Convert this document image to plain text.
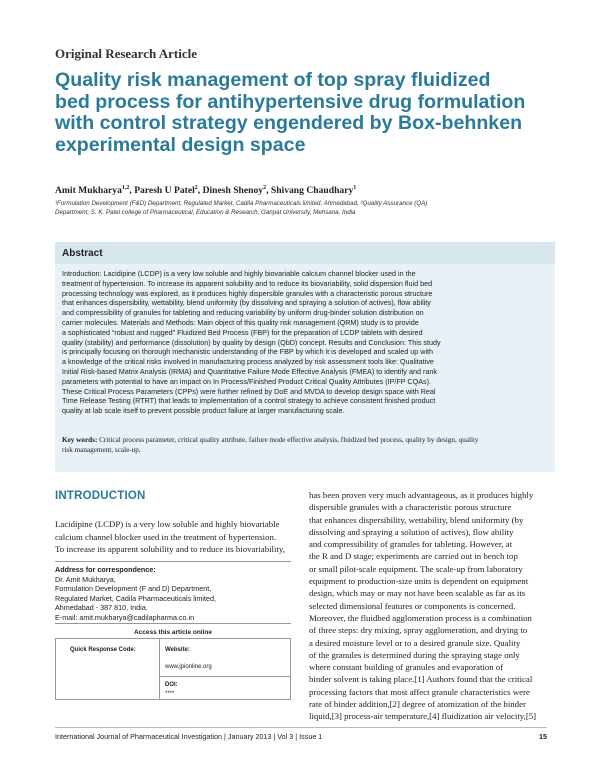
Original Research Article
Quality risk management of top spray fluidized
bed process for antihypertensive drug formulation
with control strategy engendered by Box-behnken
experimental design space
Amit Mukharya$^{1,2}$, Paresh U Patel$^2$, Dinesh Shenoy$^2$, Shivang Chaudhary$^1$
¹Formulation Development (F&D) Department, Regulated Market, Cadila Pharmaceuticals limited, Ahmedabad, ²Quality Assurance (QA)
Department, S. K. Patel college of Pharmaceutical, Education & Research, Ganpat University, Mehsana, India
Abstract
Introduction: Lacidipine (LCDP) is a very low soluble and highly biovariable calcium channel blocker used in the
treatment of hypertension. To increase its apparent solubility and to reduce its biovariability, solid dispersion fluid bed
processing technology was explored, as it produces highly dispersible granules with a characteristic porous structure
that enhances dispersibility, wettability, blend uniformity (by dissolving and spraying a solution of actives), flow ability
and compressibility of granules for tableting and reducing variability by uniform drug-binder solution distribution on
carrier molecules. Materials and Methods: Main object of this quality risk management (QRM) study is to provide
a sophisticated “robust and rugged” Fluidized Bed Process (FBP) for the preparation of LCDP tablets with desired
quality (stability) and performance (dissolution) by quality by design (QbD) concept. Results and Conclusion: This study
is principally focusing on thorough mechanistic understanding of the FBP by which it is developed and scaled up with
a knowledge of the critical risks involved in manufacturing process analyzed by risk assessment tools like: Qualitative
Initial Risk-based Matrix Analysis (IRMA) and Quantitative Failure Mode Effective Analysis (FMEA) to identify and rank
parameters with potential to have an impact on In Process/Finished Product Critical Quality Attributes (IP/FP CQAs).
These Critical Process Parameters (CPPs) were further refined by DoE and MVDA to develop design space with Real
Time Release Testing (RTRT) that leads to implementation of a control strategy to achieve consistent finished product
quality at lab scale itself to prevent possible product failure at larger manufacturing scale.
Key words: Critical process parameter, critical quality attribute, failure mode effective analysis, fluidized bed process, quality by design, quality
risk management, scale-up.
INTRODUCTION
Lacidipine (LCDP) is a very low soluble and highly biovariable
calcium channel blocker used in the treatment of hypertension.
To increase its apparent solubility and to reduce its biovariability,
Address for correspondence:
Dr. Amit Mukharya,
Formulation Development (F and D) Department,
Regulated Market, Cadila Pharmaceuticals limited,
Ahmedabad - 387 810, India.
E-mail: amit.mukharya@cadilapharma.co.in
Access this article online
Quick Response Code:	Website:
www.jpionline.org
DOI:
****
has been proven very much advantageous, as it produces highly
dispersible granules with a characteristic porous structure
that enhances dispersibility, wettability, blend uniformity (by
dissolving and spraying a solution of actives), flow ability
and compressibility of granules for tableting. However, at
the R and D stage; experiments are carried out in bench top
or small pilot-scale equipment. The scale-up from laboratory
equipment to production-size units is dependent on equipment
design, which may or may not have been scalable as far as its
selected dimensional features or components is concerned.
Moreover, the fluidbed agglomeration process is a combination
of three steps: dry mixing, spray agglomeration, and drying to
a desired moisture level or to a desired granule size. Quality
of the granules is determined during the spraying stage only
where constant building of granules and evaporation of
binder solvent is taking place.[1] Authors found that the critical
processing factors that most affect granule characteristics were
rate of binder addition,[2] degree of atomization of the binder
liquid,[3] process-air temperature,[4] fluidization air velocity,[5]
International Journal of Pharmaceutical Investigation | January 2013 | Vol 3 | Issue 1	15
